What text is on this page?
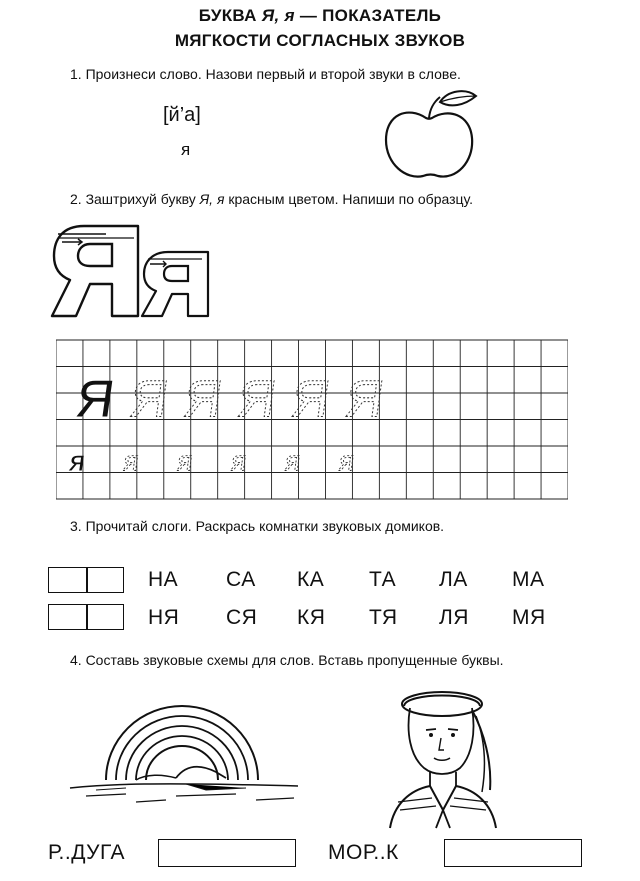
БУКВА Я, я — ПОКАЗАТЕЛЬ
МЯГКОСТИ СОГЛАСНЫХ ЗВУКОВ
1. Произнеси слово. Назови первый и второй звуки в слове.
[й’а]
я
2. Заштрихуй букву Я, я красным цветом. Напиши по образцу.
Я Я Я Я Я Я
я я я я я я
3. Прочитай слоги. Раскрась комнатки звуковых домиков.
НА СА КА ТА ЛА МА
НЯ СЯ КЯ ТЯ ЛЯ МЯ
4. Составь звуковые схемы для слов. Вставь пропущенные буквы.
Р..ДУГА	МОР..К
